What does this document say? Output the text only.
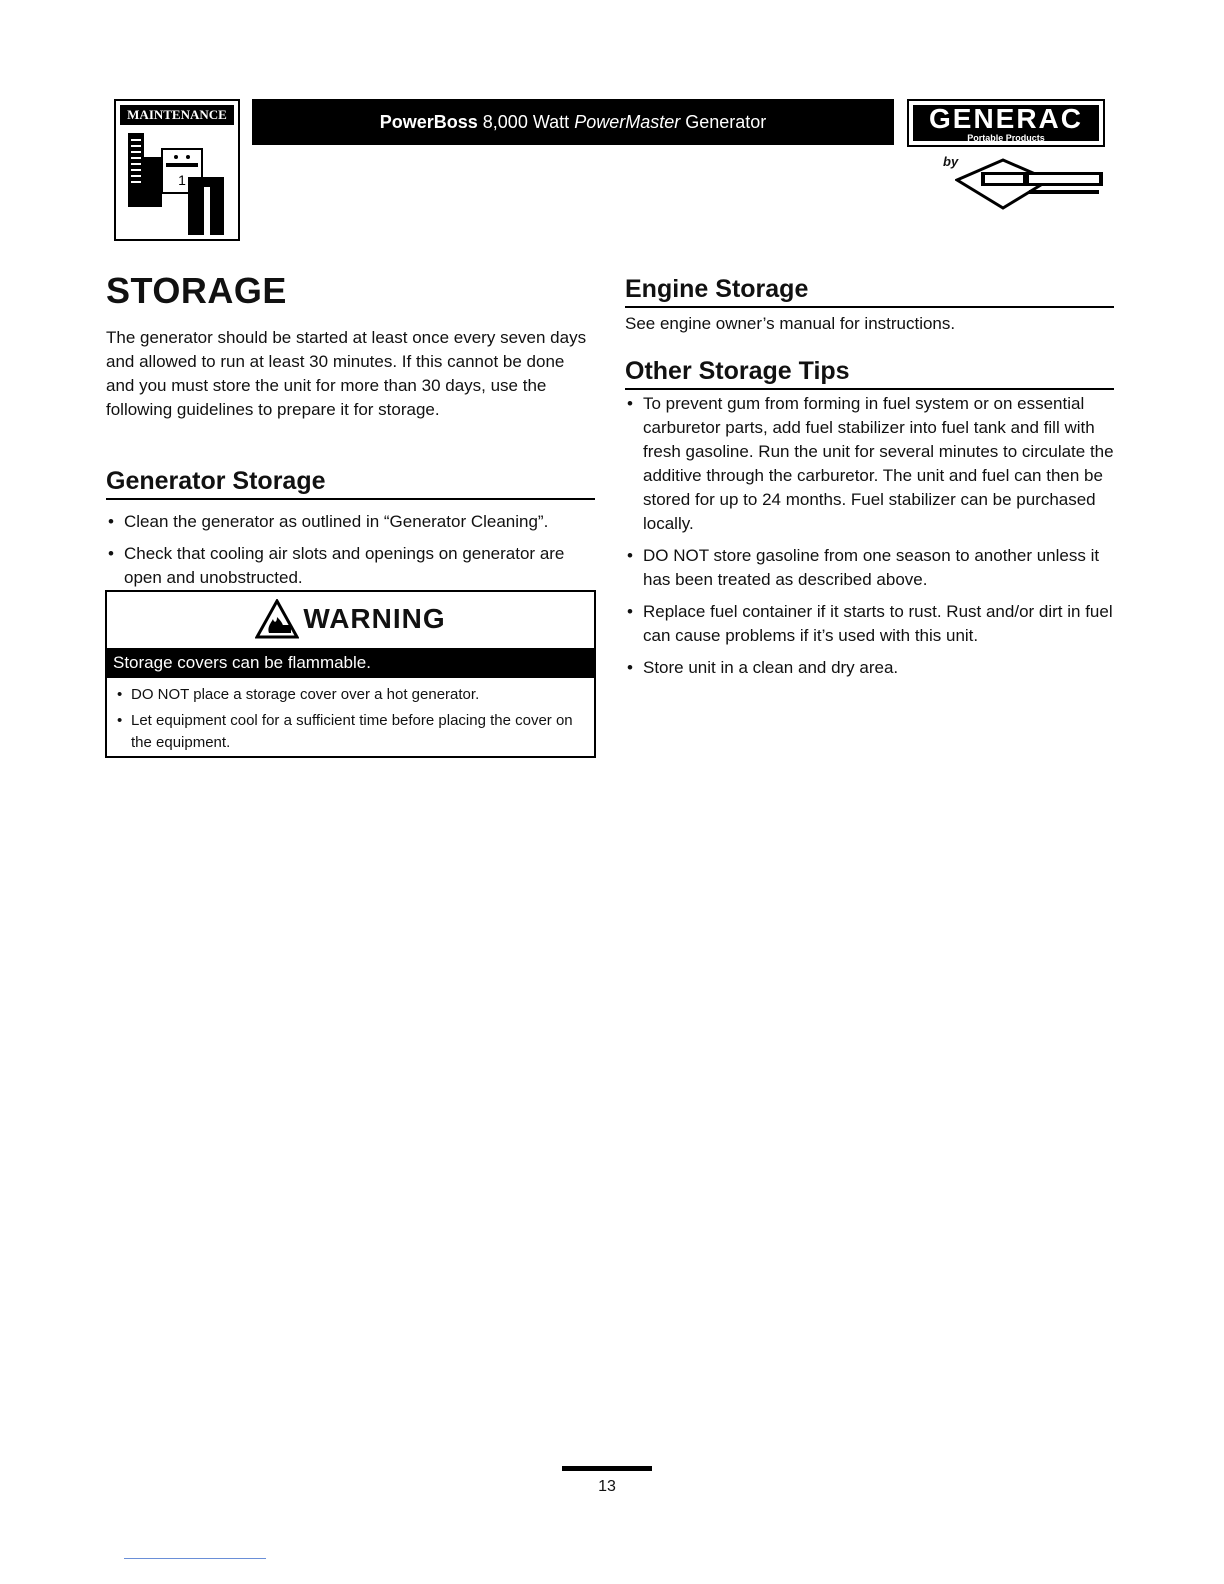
MAINTENANCE
1
PowerBoss
8,000 Watt
PowerMaster
Generator	GENERAC
Portable Products
by
STORAGE

The generator should be started at least once every seven days and allowed to run at least 30 minutes. If this cannot be done and you must store the unit for more than 30 days, use the following guidelines to prepare it for storage.

Generator Storage
• Clean the generator as outlined in “Generator Cleaning”.
• Check that cooling air slots and openings on generator are open and unobstructed.
WARNING
Storage covers can be flammable.
• DO NOT place a storage cover over a hot generator.
• Let equipment cool for a sufficient time before placing the cover on the equipment.
Engine Storage

See engine owner’s manual for instructions.

Other Storage Tips
• To prevent gum from forming in fuel system or on essential carburetor parts, add fuel stabilizer into fuel tank and fill with fresh gasoline. Run the unit for several minutes to circulate the additive through the carburetor. The unit and fuel can then be stored for up to 24 months. Fuel stabilizer can be purchased locally.
• DO NOT store gasoline from one season to another unless it has been treated as described above.
• Replace fuel container if it starts to rust. Rust and/or dirt in fuel can cause problems if it’s used with this unit.
• Store unit in a clean and dry area.
13
